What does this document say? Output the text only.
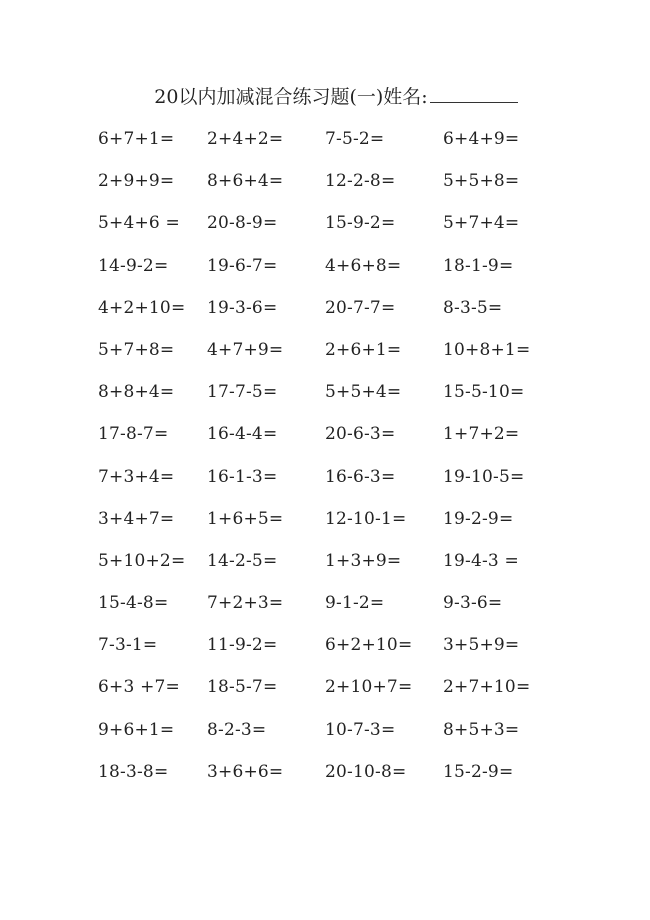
20以内加减混合练习题(一)姓名:
6+7+1= 2+4+2= 7-5-2=	6+4+9=
2+9+9= 8+6+4= 12-2-8=	5+5+8=
5+4+6 = 20-8-9=	15-9-2=	5+7+4=
14-9-2= 19-6-7=	4+6+8= 18-1-9=
4+2+10= 19-3-6=	20-7-7=	8-3-5=
5+7+8= 4+7+9= 2+6+1= 10+8+1=
8+8+4= 17-7-5=	5+5+4= 15-5-10=
17-8-7= 16-4-4=	20-6-3=	1+7+2=
7+3+4= 16-1-3=	16-6-3=	19-10-5=
3+4+7= 1+6+5= 12-10-1= 19-2-9=
5+10+2= 14-2-5=	1+3+9= 19-4-3 =
15-4-8= 7+2+3= 9-1-2=	9-3-6=
7-3-1=	11-9-2=	6+2+10= 3+5+9=
6+3 +7= 18-5-7=	2+10+7= 2+7+10=
9+6+1= 8-2-3=	10-7-3=	8+5+3=
18-3-8= 3+6+6= 20-10-8= 15-2-9=
